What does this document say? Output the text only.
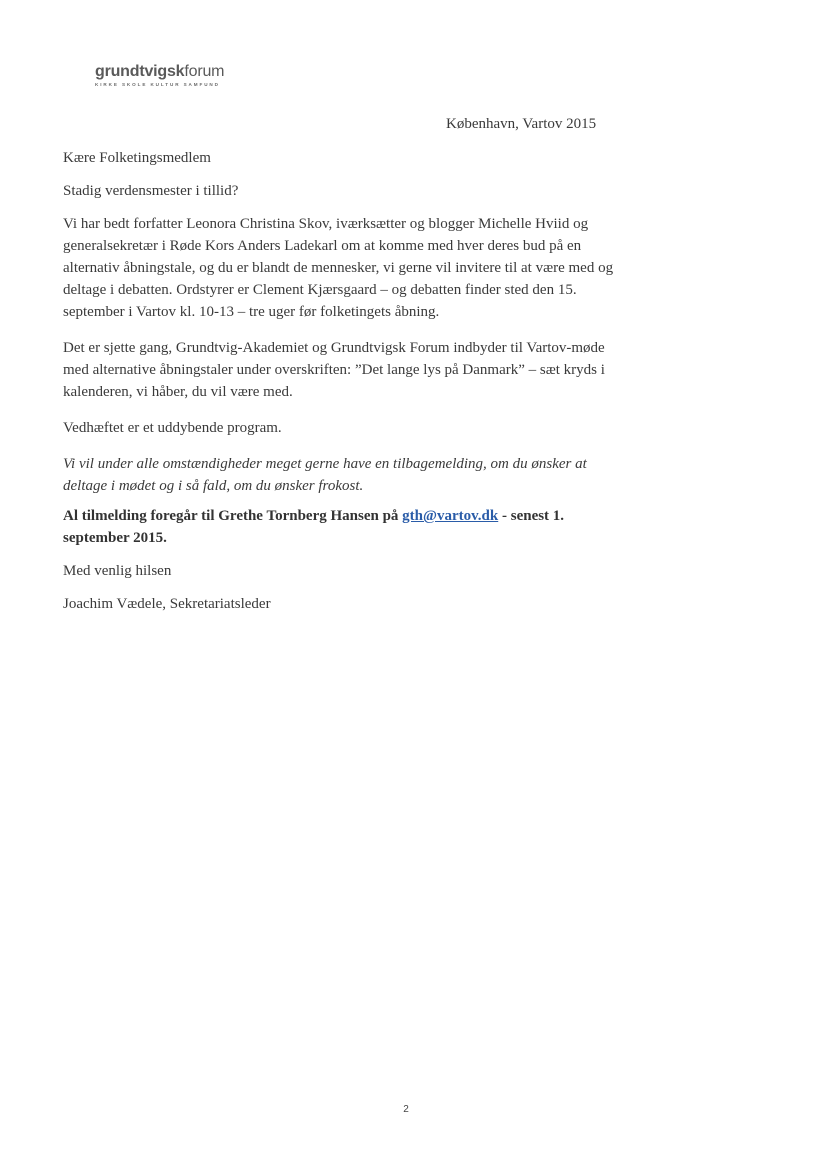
grundtvigskforum
KIRKE SKOLE KULTUR SAMFUND
København, Vartov 2015

Kære Folketingsmedlem

Stadig verdensmester i tillid?

Vi har bedt forfatter Leonora Christina Skov, iværksætter og blogger Michelle Hviid og generalsekretær i Røde Kors Anders Ladekarl om at komme med hver deres bud på en alternativ åbningstale, og du er blandt de mennesker, vi gerne vil invitere til at være med og deltage i debatten. Ordstyrer er Clement Kjærsgaard – og debatten finder sted den 15. september i Vartov kl. 10-13 – tre uger før folketingets åbning.

Det er sjette gang, Grundtvig-Akademiet og Grundtvigsk Forum indbyder til Vartov-møde med alternative åbningstaler under overskriften: ”Det lange lys på Danmark” – sæt kryds i kalenderen, vi håber, du vil være med.

Vedhæftet er et uddybende program.

Vi vil under alle omstændigheder meget gerne have en tilbagemelding, om du ønsker at deltage i mødet og i så fald, om du ønsker frokost.

Al tilmelding foregår til Grethe Tornberg Hansen på gth@vartov.dk - senest 1. september 2015.

Med venlig hilsen

Joachim Vædele, Sekretariatsleder

2
